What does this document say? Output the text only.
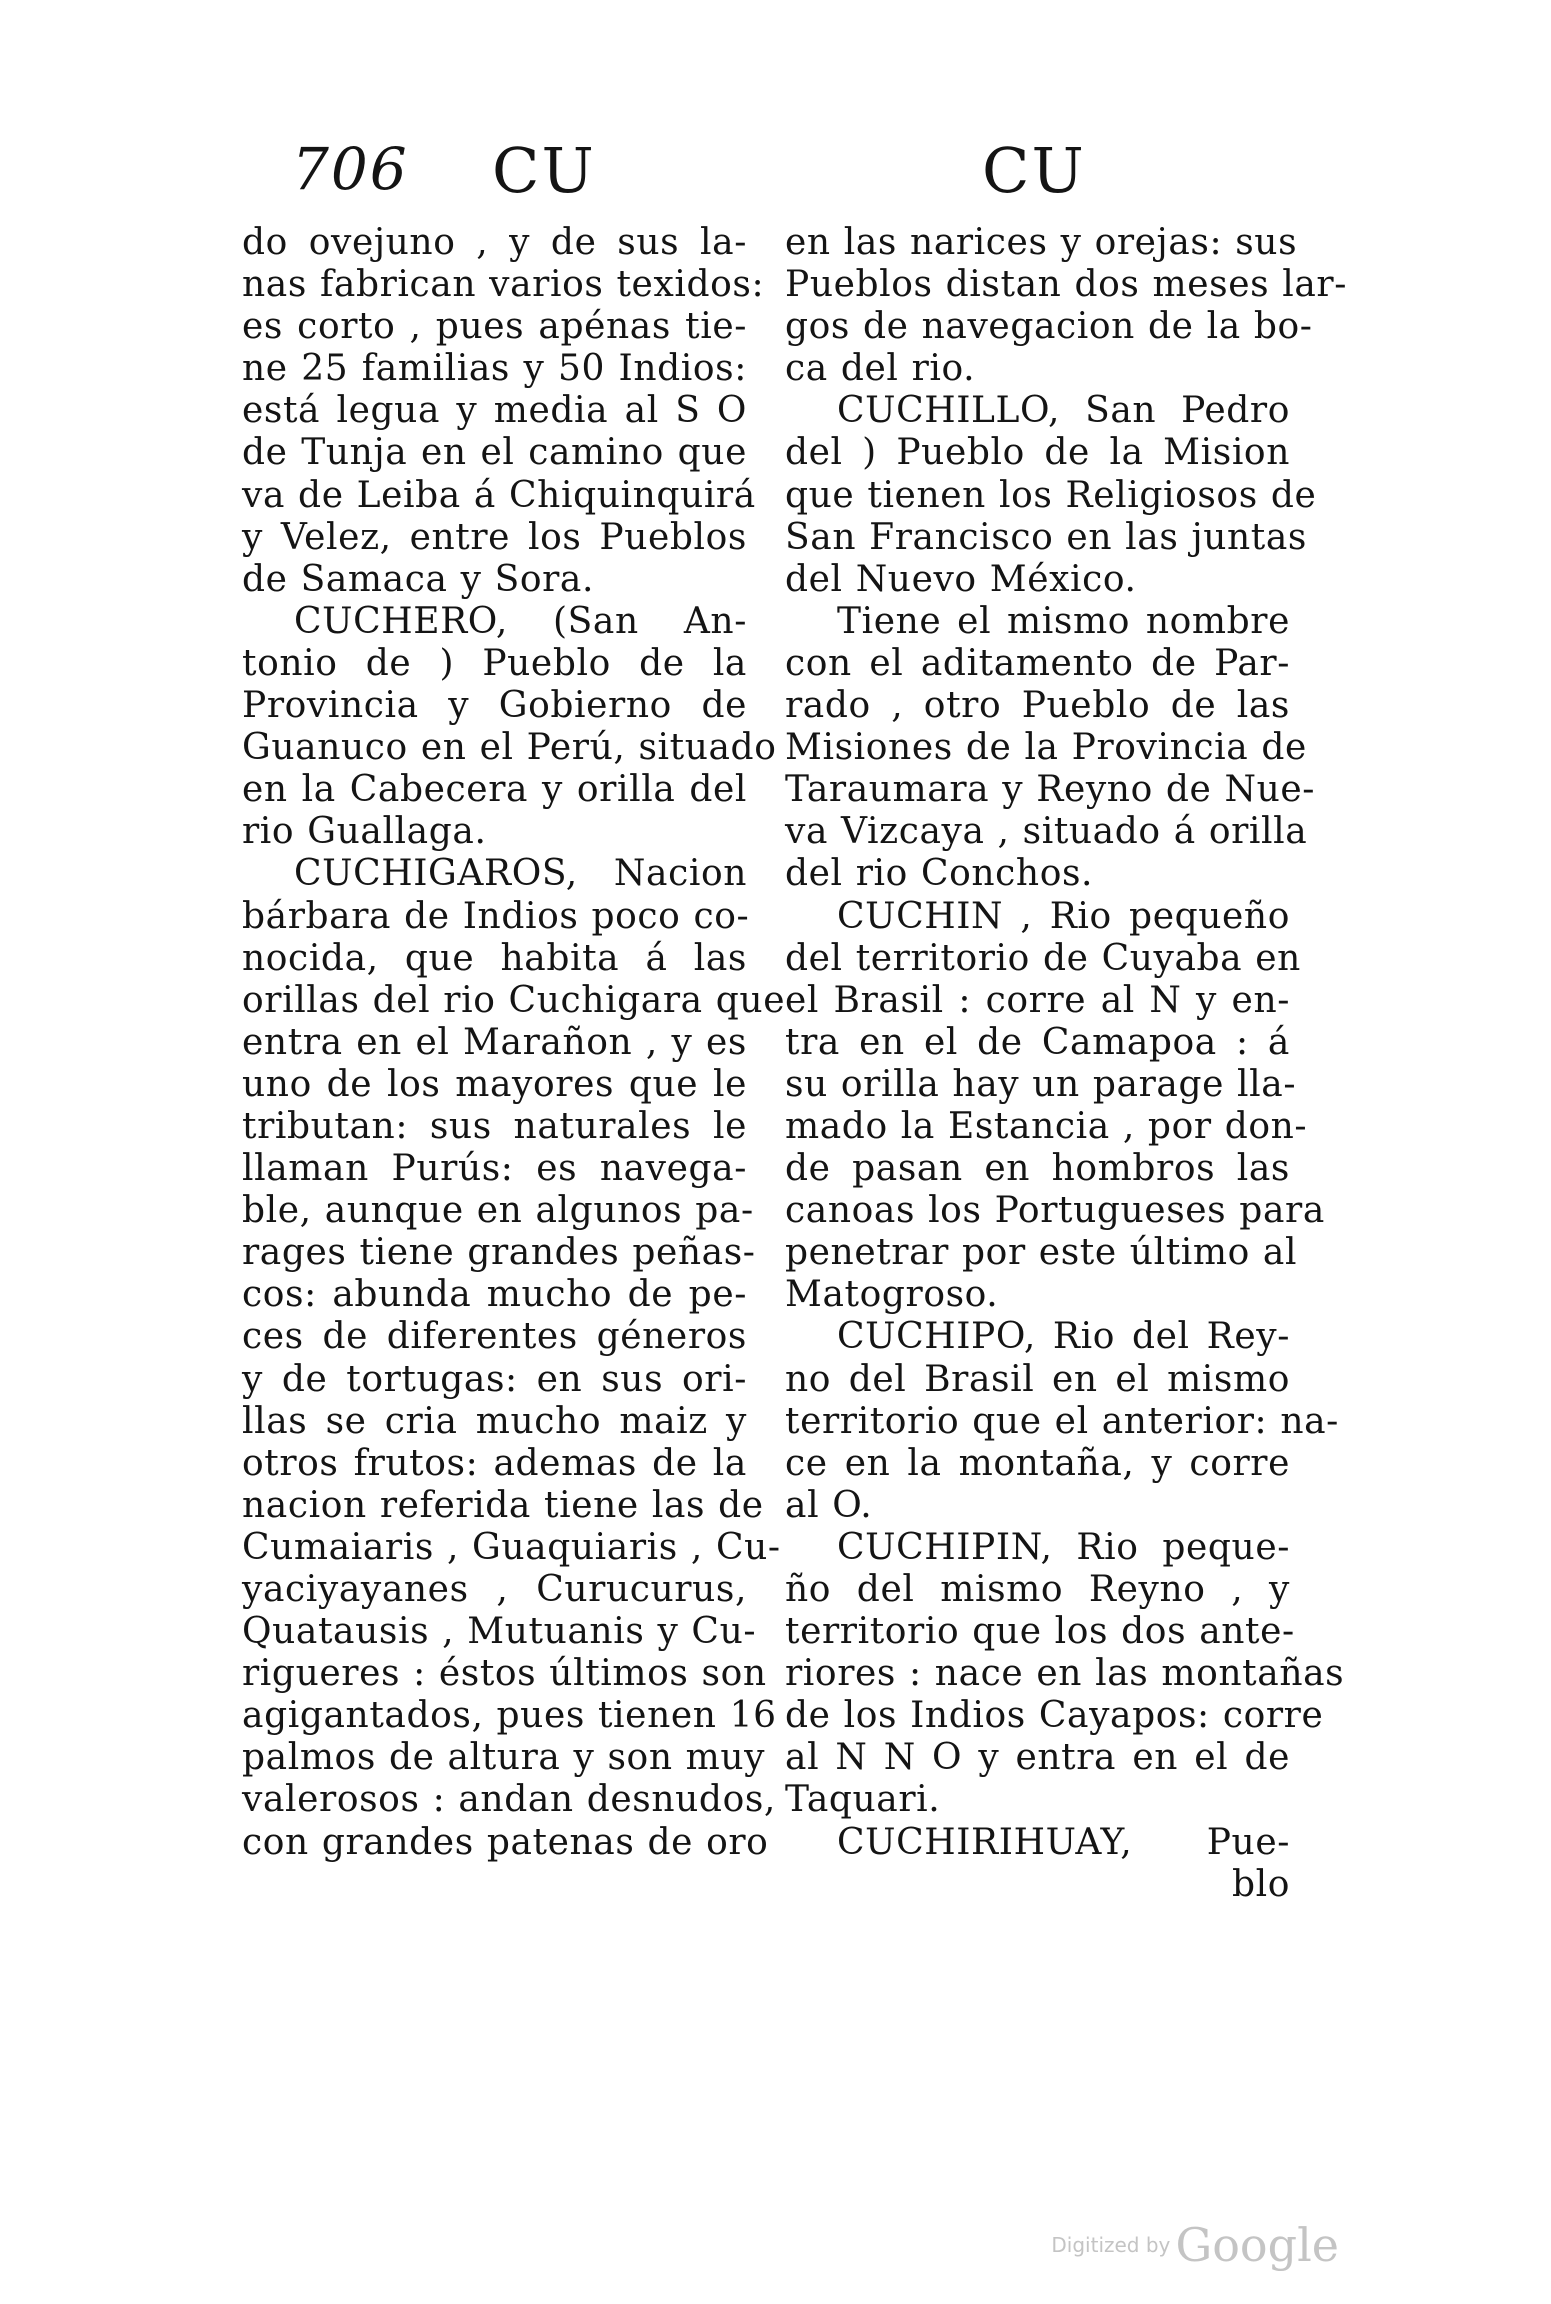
706 CU	CU
do ovejuno , y de sus la-
nas fabrican varios texidos:
es corto , pues apénas tie-
ne 25 familias y 50 Indios:
está legua y media al S O
de Tunja en el camino que
va de Leiba á Chiquinquirá
y Velez, entre los Pueblos
de Samaca y Sora.
CUCHERO, (San An-
tonio de ) Pueblo de la
Provincia y Gobierno de
Guanuco en el Perú, situado
en la Cabecera y orilla del
rio Guallaga.
CUCHIGAROS, Nacion
bárbara de Indios poco co-
nocida, que habita á las
orillas del rio Cuchigara que
entra en el Marañon , y es
uno de los mayores que le
tributan: sus naturales le
llaman Purús: es navega-
ble, aunque en algunos pa-
rages tiene grandes peñas-
cos: abunda mucho de pe-
ces de diferentes géneros
y de tortugas: en sus ori-
llas se cria mucho maiz y
otros frutos: ademas de la
nacion referida tiene las de
Cumaiaris , Guaquiaris , Cu-
yaciyayanes , Curucurus,
Quatausis , Mutuanis y Cu-
rigueres : éstos últimos son
agigantados, pues tienen 16
palmos de altura y son muy
valerosos : andan desnudos,
con grandes patenas de oro
en las narices y orejas: sus
Pueblos distan dos meses lar-
gos de navegacion de la bo-
ca del rio.
CUCHILLO, San Pedro
del ) Pueblo de la Mision
que tienen los Religiosos de
San Francisco en las juntas
del Nuevo México.
Tiene el mismo nombre
con el aditamento de Par-
rado , otro Pueblo de las
Misiones de la Provincia de
Taraumara y Reyno de Nue-
va Vizcaya , situado á orilla
del rio Conchos.
CUCHIN , Rio pequeño
del territorio de Cuyaba en
el Brasil : corre al N y en-
tra en el de Camapoa : á
su orilla hay un parage lla-
mado la Estancia , por don-
de pasan en hombros las
canoas los Portugueses para
penetrar por este último al
Matogroso.
CUCHIPO, Rio del Rey-
no del Brasil en el mismo
territorio que el anterior: na-
ce en la montaña, y corre
al O.
CUCHIPIN, Rio peque-
ño del mismo Reyno , y
territorio que los dos ante-
riores : nace en las montañas
de los Indios Cayapos: corre
al N N O y entra en el de
Taquari.
CUCHIRIHUAY, Pue-
blo
Digitized by Google
